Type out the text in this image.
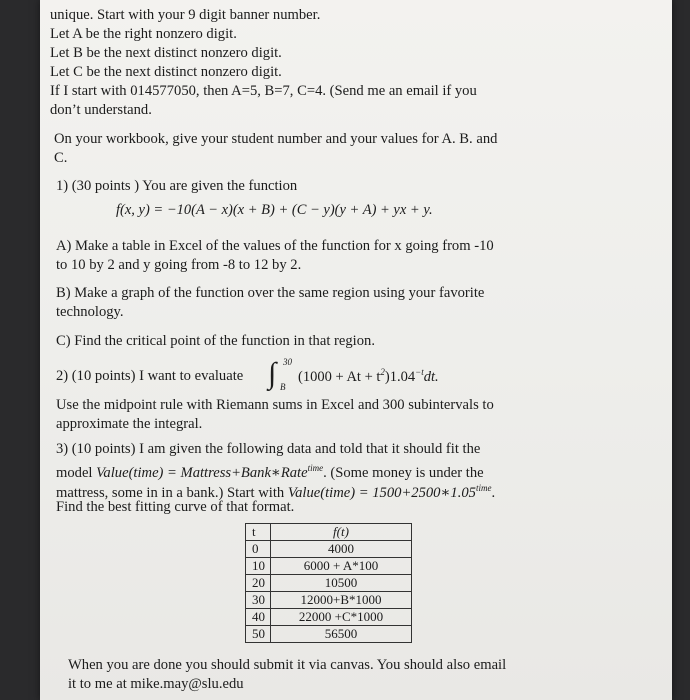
unique. Start with your 9 digit banner number.
Let A be the right nonzero digit.
Let B be the next distinct nonzero digit.
Let C be the next distinct nonzero digit.
If I start with 014577050, then A=5, B=7, C=4. (Send me an email if you
don’t understand.
On your workbook, give your student number and your values for A. B. and
C.
1) (30 points ) You are given the function
f(x, y) = −10(A − x)(x + B) + (C − y)(y + A) + yx + y.
A) Make a table in Excel of the values of the function for x going from -10
to 10 by 2 and y going from -8 to 12 by 2.
B) Make a graph of the function over the same region using your favorite
technology.
C) Find the critical point of the function in that region.
2) (10 points) I want to evaluate ∫ 30
B
$(1000 + At + t^2)1.04^{-t}dt$.
Use the midpoint rule with Riemann sums in Excel and 300 subintervals to
approximate the integral.
3) (10 points) I am given the following data and told that it should fit the
model Value(time) = Mattress+Bank∗Rate$^{time}$. (Some money is under the
mattress, some in in a bank.) Start with Value(time) = $1500+2500∗1.05^{time}$.
Find the best fitting curve of that format.
t	f(t)
0	4000
10	6000 + A*100
20	10500
30	12000+B*1000
40	22000 +C*1000
50	56500
When you are done you should submit it via canvas. You should also email
it to me at mike.may@slu.edu
